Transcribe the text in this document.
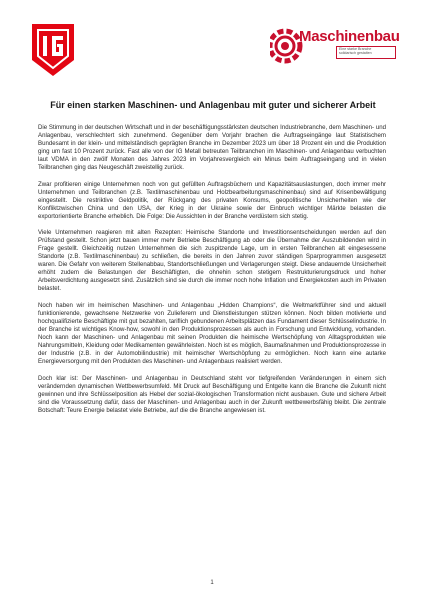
Maschinenbau
Eine starke Branche
solidarisch gestalten
Für einen starken Maschinen- und Anlagenbau mit guter und sicherer Arbeit

Die Stimmung in der deutschen Wirtschaft und in der beschäftigungsstärksten deutschen Industriebranche, dem Maschinen- und Anlagenbau, verschlechtert sich zunehmend. Gegenüber dem Vorjahr brachen die Auftragseingänge laut Statistischem Bundesamt in der klein- und mittelständisch geprägten Branche im Dezember 2023 um über 18 Prozent ein und die Produktion ging um fast 10 Prozent zurück. Fast alle von der IG Metall betreuten Teilbranchen im Maschinen- und Anlagenbau verbuchten laut VDMA in den zwölf Monaten des Jahres 2023 im Vorjahresvergleich ein Minus beim Auftragseingang und in vielen Teilbranchen ging das Neugeschäft zweistellig zurück.

Zwar profitieren einige Unternehmen noch von gut gefüllten Auftragsbüchern und Kapazitätsauslastungen, doch immer mehr Unternehmen und Teilbranchen (z.B. Textilmaschinenbau und Holzbearbeitungsmaschinenbau) sind auf Krisenbewältigung eingestellt. Die restriktive Geldpolitik, der Rückgang des privaten Konsums, geopolitische Unsicherheiten wie der Konfliktzwischen China und den USA, der Krieg in der Ukraine sowie der Einbruch wichtiger Märkte belasten die exportorientierte Branche erheblich. Die Folge: Die Aussichten in der Branche verdüstern sich stetig.

Viele Unternehmen reagieren mit alten Rezepten: Heimische Standorte und Investitionsentscheidungen werden auf den Prüfstand gestellt. Schon jetzt bauen immer mehr Betriebe Beschäftigung ab oder die Übernahme der Auszubildenden wird in Frage gestellt. Gleichzeitig nutzen Unternehmen die sich zuspitzende Lage, um in ersten Teilbranchen alt eingesessene Standorte (z.B. Textilmaschinenbau) zu schließen, die bereits in den Jahren zuvor ständigen Sparprogrammen ausgesetzt waren. Die Gefahr von weiterem Stellenabbau, Standortschließungen und Verlagerungen steigt. Diese andauernde Unsicherheit erhöht zudem die Belastungen der Beschäftigten, die ohnehin schon stetigem Restrukturierungsdruck und hoher Arbeitsverdichtung ausgesetzt sind. Zusätzlich sind sie durch die immer noch hohe Inflation und Energiekosten auch im Privaten belastet.

Noch haben wir im heimischen Maschinen- und Anlagenbau „Hidden Champions“, die Weltmarktführer sind und aktuell funktionierende, gewachsene Netzwerke von Zulieferern und Dienstleistungen stützen können. Noch bilden motivierte und hochqualifizierte Beschäftigte mit gut bezahlten, tariflich gebundenen Arbeitsplätzen das Fundament dieser Schlüsselindustrie. In der Branche ist wichtiges Know-how, sowohl in den Produktionsprozessen als auch in Forschung und Entwicklung, vorhanden. Noch kann der Maschinen- und Anlagenbau mit seinen Produkten die heimische Wertschöpfung von Alltagsprodukten wie Nahrungsmitteln, Kleidung oder Medikamenten gewährleisten. Noch ist es möglich, Baumaßnahmen und Produktionsprozesse in der Industrie (z.B. in der Automobilindustrie) mit heimischer Wertschöpfung zu ermöglichen. Noch kann eine autarke Energieversorgung mit den Produkten des Maschinen- und Anlagenbaus realisiert werden.

Doch klar ist: Der Maschinen- und Anlagenbau in Deutschland steht vor tiefgreifenden Veränderungen in einem sich verändernden dynamischen Wettbewerbsumfeld. Mit Druck auf Beschäftigung und Entgelte kann die Branche die Zukunft nicht gewinnen und ihre Schlüsselposition als Hebel der sozial-ökologischen Transformation nicht ausbauen. Gute und sichere Arbeit sind die Voraussetzung dafür, dass der Maschinen- und Anlagenbau auch in der Zukunft wettbewerbsfähig bleibt. Die zentrale Botschaft: Teure Energie belastet viele Betriebe, auf die die Branche angewiesen ist.

1
